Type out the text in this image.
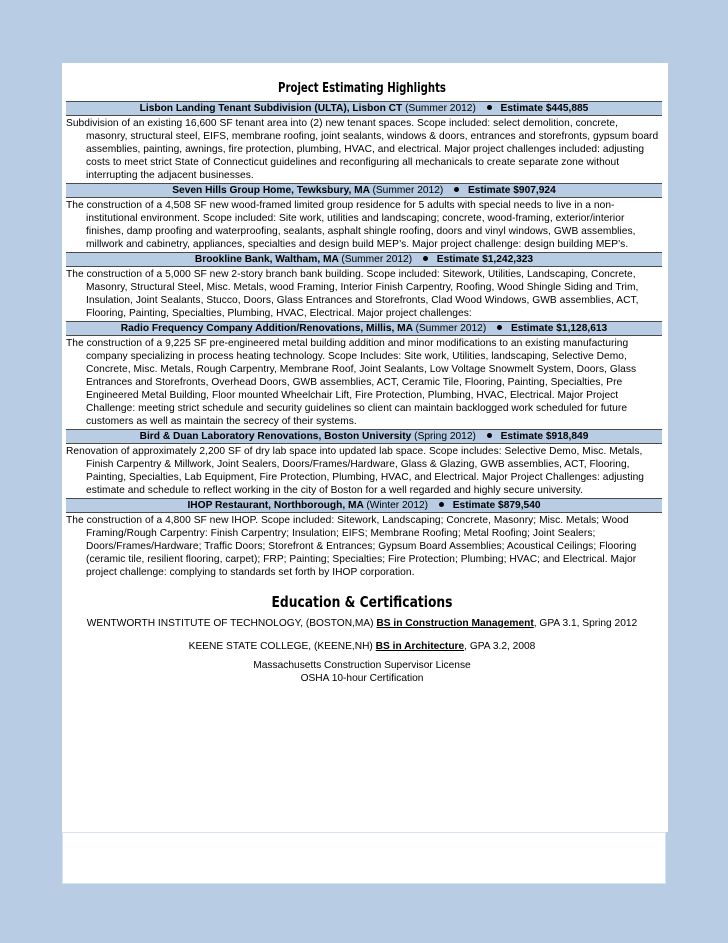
Project Estimating Highlights
Lisbon Landing Tenant Subdivision (ULTA), Lisbon CT (Summer 2012) Estimate $445,885
Subdivision of an existing 16,600 SF tenant area into (2) new tenant spaces. Scope included: select demolition, concrete, masonry, structural steel, EIFS, membrane roofing, joint sealants, windows & doors, entrances and storefronts, gypsum board assemblies, painting, awnings, fire protection, plumbing, HVAC, and electrical. Major project challenges included: adjusting costs to meet strict State of Connecticut guidelines and reconfiguring all mechanicals to create separate zone without interrupting the adjacent businesses.
Seven Hills Group Home, Tewksbury, MA (Summer 2012) Estimate $907,924
The construction of a 4,508 SF new wood-framed limited group residence for 5 adults with special needs to live in a non-institutional environment. Scope included: Site work, utilities and landscaping; concrete, wood-framing, exterior/interior finishes, damp proofing and waterproofing, sealants, asphalt shingle roofing, doors and vinyl windows, GWB assemblies, millwork and cabinetry, appliances, specialties and design build MEP’s. Major project challenge: design building MEP’s.
Brookline Bank, Waltham, MA (Summer 2012) Estimate $1,242,323
The construction of a 5,000 SF new 2-story branch bank building. Scope included: Sitework, Utilities, Landscaping, Concrete, Masonry, Structural Steel, Misc. Metals, wood Framing, Interior Finish Carpentry, Roofing, Wood Shingle Siding and Trim, Insulation, Joint Sealants, Stucco, Doors, Glass Entrances and Storefronts, Clad Wood Windows, GWB assemblies, ACT, Flooring, Painting, Specialties, Plumbing, HVAC, Electrical. Major project challenges:
Radio Frequency Company Addition/Renovations, Millis, MA (Summer 2012) Estimate $1,128,613
The construction of a 9,225 SF pre-engineered metal building addition and minor modifications to an existing manufacturing company specializing in process heating technology. Scope Includes: Site work, Utilities, landscaping, Selective Demo, Concrete, Misc. Metals, Rough Carpentry, Membrane Roof, Joint Sealants, Low Voltage Snowmelt System, Doors, Glass Entrances and Storefronts, Overhead Doors, GWB assemblies, ACT, Ceramic Tile, Flooring, Painting, Specialties, Pre Engineered Metal Building, Floor mounted Wheelchair Lift, Fire Protection, Plumbing, HVAC, Electrical. Major Project Challenge: meeting strict schedule and security guidelines so client can maintain backlogged work scheduled for future customers as well as maintain the secrecy of their systems.
Bird & Duan Laboratory Renovations, Boston University (Spring 2012) Estimate $918,849
Renovation of approximately 2,200 SF of dry lab space into updated lab space. Scope includes: Selective Demo, Misc. Metals, Finish Carpentry & Millwork, Joint Sealers, Doors/Frames/Hardware, Glass & Glazing, GWB assemblies, ACT, Flooring, Painting, Specialties, Lab Equipment, Fire Protection, Plumbing, HVAC, and Electrical. Major Project Challenges: adjusting estimate and schedule to reflect working in the city of Boston for a well regarded and highly secure university.
IHOP Restaurant, Northborough, MA (Winter 2012) Estimate $879,540
The construction of a 4,800 SF new IHOP. Scope included: Sitework, Landscaping; Concrete, Masonry; Misc. Metals; Wood Framing/Rough Carpentry: Finish Carpentry; Insulation; EIFS; Membrane Roofing; Metal Roofing; Joint Sealers; Doors/Frames/Hardware; Traffic Doors; Storefront & Entrances; Gypsum Board Assemblies; Acoustical Ceilings; Flooring (ceramic tile, resilient flooring, carpet); FRP; Painting; Specialties; Fire Protection; Plumbing; HVAC; and Electrical. Major project challenge: complying to standards set forth by IHOP corporation.
Education & Certifications
WENTWORTH INSTITUTE OF TECHNOLOGY, (BOSTON,MA) BS in Construction Management, GPA 3.1, Spring 2012
KEENE STATE COLLEGE, (KEENE,NH) BS in Architecture, GPA 3.2, 2008
Massachusetts Construction Supervisor License
OSHA 10-hour Certification
